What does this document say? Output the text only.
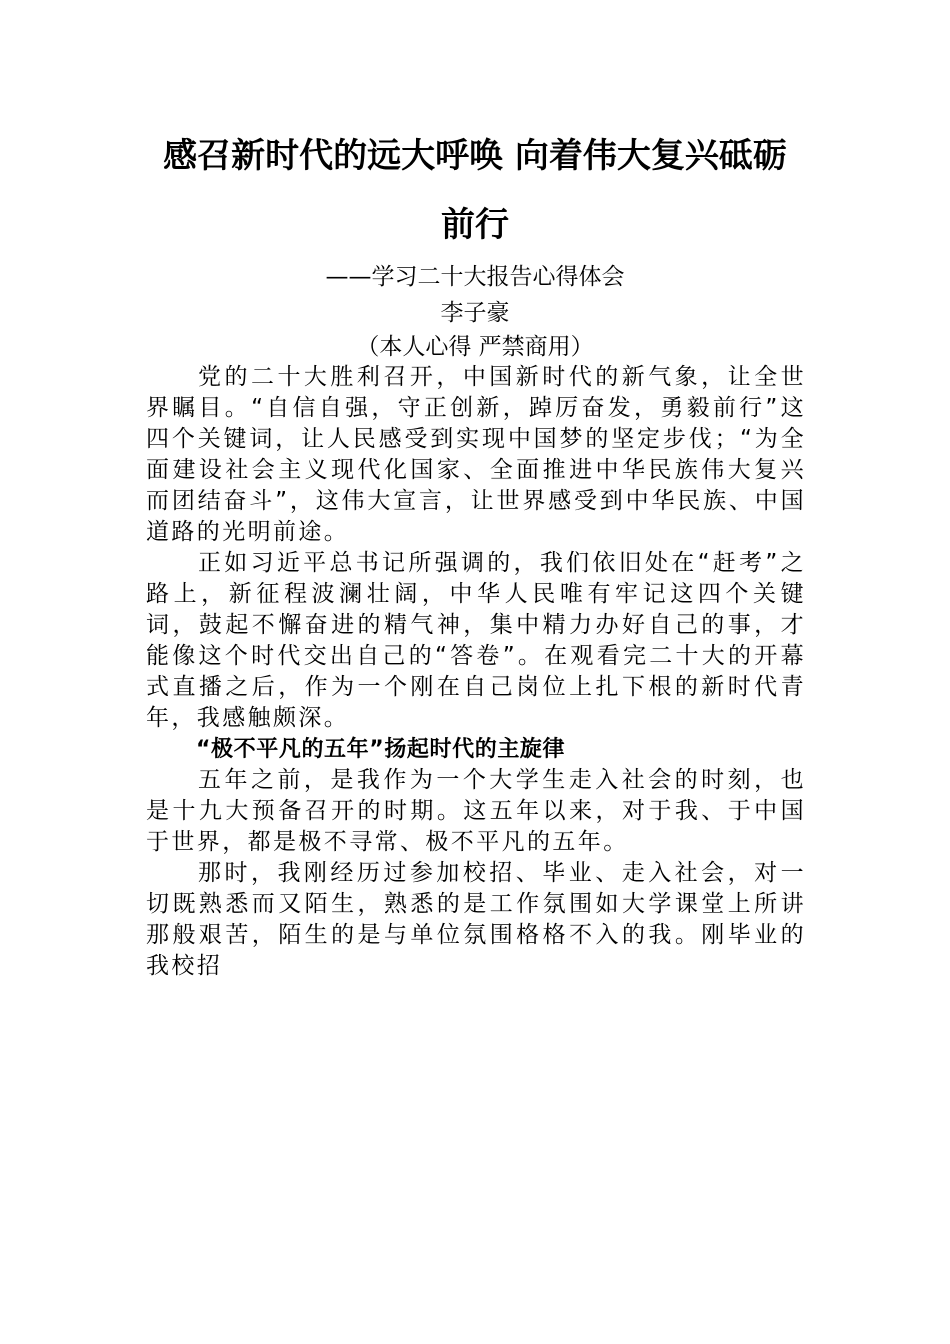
感召新时代的远大呼唤 向着伟大复兴砥砺
前行
——学习二十大报告心得体会
李子豪
（本人心得 严禁商用）

党的二十大胜利召开，中国新时代的新气象，让全世界瞩目。“自信自强，守正创新，踔厉奋发，勇毅前行”这四个关键词，让人民感受到实现中国梦的坚定步伐；“为全面建设社会主义现代化国家、全面推进中华民族伟大复兴而团结奋斗”，这伟大宣言，让世界感受到中华民族、中国道路的光明前途。

正如习近平总书记所强调的，我们依旧处在“赶考”之路上，新征程波澜壮阔，中华人民唯有牢记这四个关键词，鼓起不懈奋进的精气神，集中精力办好自己的事，才能像这个时代交出自己的“答卷”。在观看完二十大的开幕式直播之后，作为一个刚在自己岗位上扎下根的新时代青年，我感触颇深。

“极不平凡的五年”扬起时代的主旋律

五年之前，是我作为一个大学生走入社会的时刻，也是十九大预备召开的时期。这五年以来，对于我、于中国于世界，都是极不寻常、极不平凡的五年。

那时，我刚经历过参加校招、毕业、走入社会，对一切既熟悉而又陌生，熟悉的是工作氛围如大学课堂上所讲那般艰苦，陌生的是与单位氛围格格不入的我。刚毕业的我校招
